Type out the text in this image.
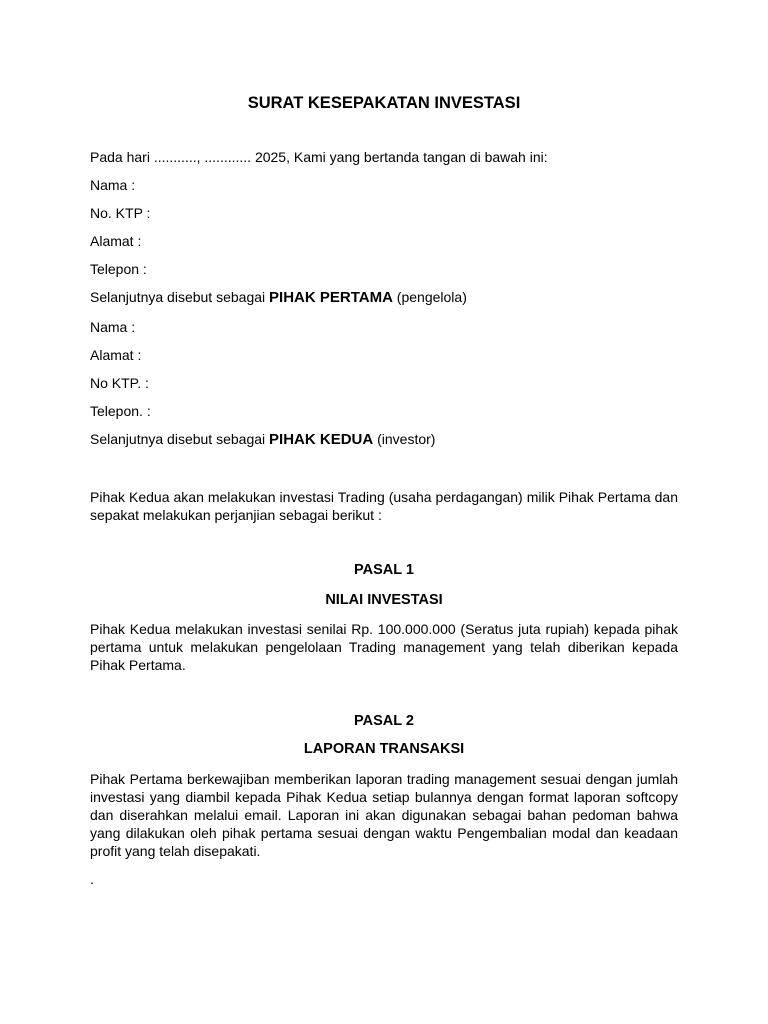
SURAT KESEPAKATAN INVESTASI
Pada hari ..........., ............ 2025, Kami yang bertanda tangan di bawah ini:
Nama :
No. KTP :
Alamat :
Telepon :
Selanjutnya disebut sebagai PIHAK PERTAMA (pengelola)
Nama :
Alamat :
No KTP. :
Telepon. :
Selanjutnya disebut sebagai PIHAK KEDUA (investor)
Pihak Kedua akan melakukan investasi Trading (usaha perdagangan) milik Pihak Pertama dan sepakat melakukan perjanjian sebagai berikut :
PASAL 1
NILAI INVESTASI
Pihak Kedua melakukan investasi senilai Rp. 100.000.000 (Seratus juta rupiah) kepada pihak pertama untuk melakukan pengelolaan Trading management yang telah diberikan kepada Pihak Pertama.
PASAL 2
LAPORAN TRANSAKSI
Pihak Pertama berkewajiban memberikan laporan trading management sesuai dengan jumlah investasi yang diambil kepada Pihak Kedua setiap bulannya dengan format laporan softcopy dan diserahkan melalui email. Laporan ini akan digunakan sebagai bahan pedoman bahwa yang dilakukan oleh pihak pertama sesuai dengan waktu Pengembalian modal dan keadaan profit yang telah disepakati.
.
